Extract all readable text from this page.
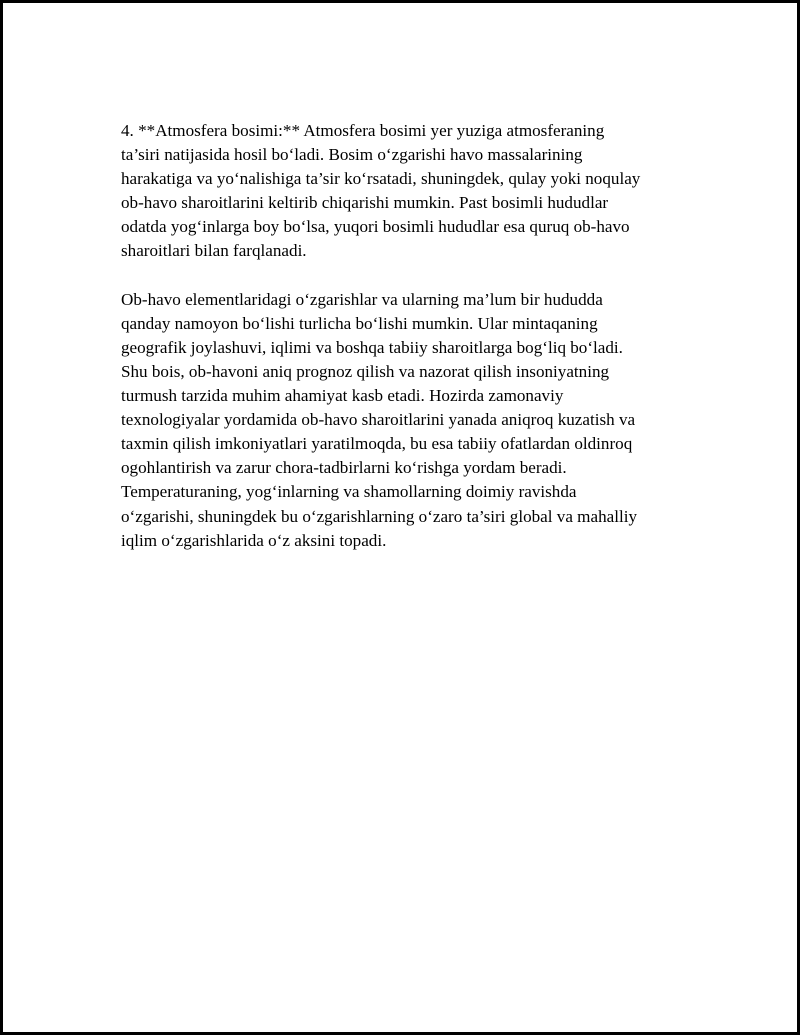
4. **Atmosfera bosimi:** Atmosfera bosimi yer yuziga atmosferaning
ta’siri natijasida hosil bo‘ladi. Bosim o‘zgarishi havo massalarining
harakatiga va yo‘nalishiga ta’sir ko‘rsatadi, shuningdek, qulay yoki noqulay
ob-havo sharoitlarini keltirib chiqarishi mumkin. Past bosimli hududlar
odatda yog‘inlarga boy bo‘lsa, yuqori bosimli hududlar esa quruq ob-havo
sharoitlari bilan farqlanadi.

Ob-havo elementlaridagi o‘zgarishlar va ularning ma’lum bir hududda
qanday namoyon bo‘lishi turlicha bo‘lishi mumkin. Ular mintaqaning
geografik joylashuvi, iqlimi va boshqa tabiiy sharoitlarga bog‘liq bo‘ladi.
Shu bois, ob-havoni aniq prognoz qilish va nazorat qilish insoniyatning
turmush tarzida muhim ahamiyat kasb etadi. Hozirda zamonaviy
texnologiyalar yordamida ob-havo sharoitlarini yanada aniqroq kuzatish va
taxmin qilish imkoniyatlari yaratilmoqda, bu esa tabiiy ofatlardan oldinroq
ogohlantirish va zarur chora-tadbirlarni ko‘rishga yordam beradi.
Temperaturaning, yog‘inlarning va shamollarning doimiy ravishda
o‘zgarishi, shuningdek bu o‘zgarishlarning o‘zaro ta’siri global va mahalliy
iqlim o‘zgarishlarida o‘z aksini topadi.
